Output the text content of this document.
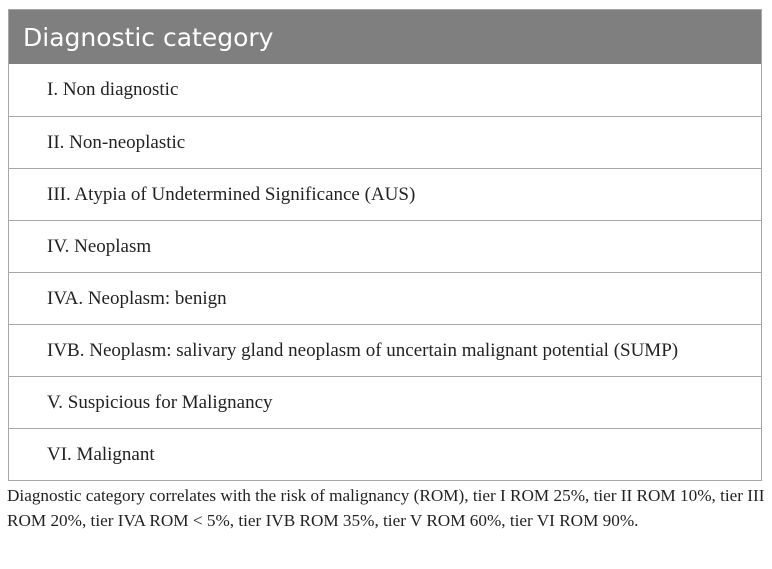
Diagnostic category
I. Non diagnostic
II. Non-neoplastic
III. Atypia of Undetermined Significance (AUS)
IV. Neoplasm
IVA. Neoplasm: benign
IVB. Neoplasm: salivary gland neoplasm of uncertain malignant potential (SUMP)
V. Suspicious for Malignancy
VI. Malignant
Diagnostic category correlates with the risk of malignancy (ROM), tier I ROM 25%, tier II ROM 10%, tier III ROM 20%, tier IVA ROM < 5%, tier IVB ROM 35%, tier V ROM 60%, tier VI ROM 90%.
